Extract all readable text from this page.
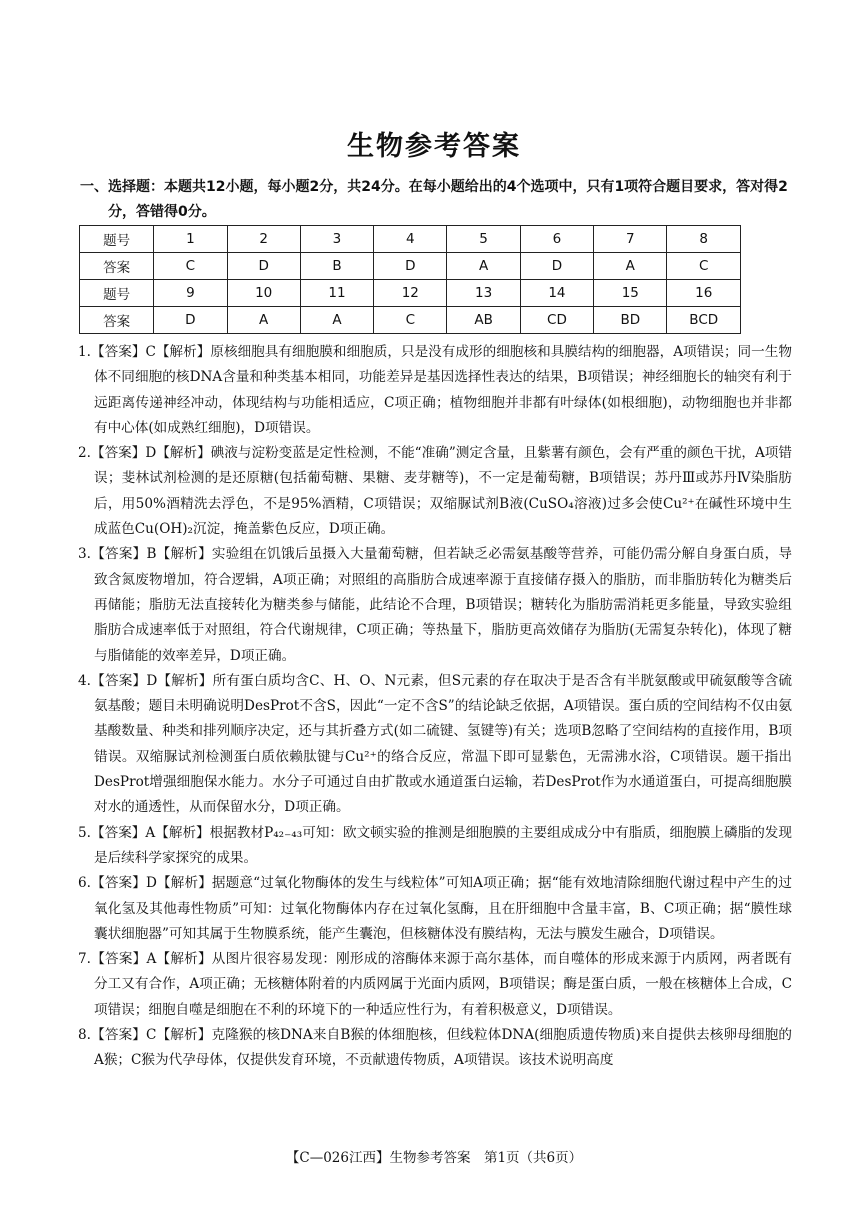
生物参考答案
一、选择题：本题共12小题，每小题2分，共24分。在每小题给出的4个选项中，只有1项符合题目要求，答对得2分，答错得0分。
题号	1	2	3	4	5	6	7	8
答案	C	D	B	D	A	D	A	C
题号	9	10	11	12	13	14	15	16
答案	D	A	A	C	AB	CD	BD	BCD

1.【答案】C【解析】原核细胞具有细胞膜和细胞质，只是没有成形的细胞核和具膜结构的细胞器，A项错误；同一生物体不同细胞的核DNA含量和种类基本相同，功能差异是基因选择性表达的结果，B项错误；神经细胞长的轴突有利于远距离传递神经冲动，体现结构与功能相适应，C项正确；植物细胞并非都有叶绿体(如根细胞)，动物细胞也并非都有中心体(如成熟红细胞)，D项错误。

2.【答案】D【解析】碘液与淀粉变蓝是定性检测，不能“准确”测定含量，且紫薯有颜色，会有严重的颜色干扰，A项错误；斐林试剂检测的是还原糖(包括葡萄糖、果糖、麦芽糖等)，不一定是葡萄糖，B项错误；苏丹Ⅲ或苏丹Ⅳ染脂肪后，用50%酒精洗去浮色，不是95%酒精，C项错误；双缩脲试剂B液(CuSO₄溶液)过多会使Cu²⁺在碱性环境中生成蓝色Cu(OH)₂沉淀，掩盖紫色反应，D项正确。

3.【答案】B【解析】实验组在饥饿后虽摄入大量葡萄糖，但若缺乏必需氨基酸等营养，可能仍需分解自身蛋白质，导致含氮废物增加，符合逻辑，A项正确；对照组的高脂肪合成速率源于直接储存摄入的脂肪，而非脂肪转化为糖类后再储能；脂肪无法直接转化为糖类参与储能，此结论不合理，B项错误；糖转化为脂肪需消耗更多能量，导致实验组脂肪合成速率低于对照组，符合代谢规律，C项正确；等热量下，脂肪更高效储存为脂肪(无需复杂转化)，体现了糖与脂储能的效率差异，D项正确。

4.【答案】D【解析】所有蛋白质均含C、H、O、N元素，但S元素的存在取决于是否含有半胱氨酸或甲硫氨酸等含硫氨基酸；题目未明确说明DesProt不含S，因此“一定不含S”的结论缺乏依据，A项错误。蛋白质的空间结构不仅由氨基酸数量、种类和排列顺序决定，还与其折叠方式(如二硫键、氢键等)有关；选项B忽略了空间结构的直接作用，B项错误。双缩脲试剂检测蛋白质依赖肽键与Cu²⁺的络合反应，常温下即可显紫色，无需沸水浴，C项错误。题干指出DesProt增强细胞保水能力。水分子可通过自由扩散或水通道蛋白运输，若DesProt作为水通道蛋白，可提高细胞膜对水的通透性，从而保留水分，D项正确。

5.【答案】A【解析】根据教材P₄₂₋₄₃可知：欧文顿实验的推测是细胞膜的主要组成成分中有脂质，细胞膜上磷脂的发现是后续科学家探究的成果。

6.【答案】D【解析】据题意“过氧化物酶体的发生与线粒体”可知A项正确；据“能有效地清除细胞代谢过程中产生的过氧化氢及其他毒性物质”可知：过氧化物酶体内存在过氧化氢酶，且在肝细胞中含量丰富，B、C项正确；据“膜性球囊状细胞器”可知其属于生物膜系统，能产生囊泡，但核糖体没有膜结构，无法与膜发生融合，D项错误。

7.【答案】A【解析】从图片很容易发现：刚形成的溶酶体来源于高尔基体，而自噬体的形成来源于内质网，两者既有分工又有合作，A项正确；无核糖体附着的内质网属于光面内质网，B项错误；酶是蛋白质，一般在核糖体上合成，C项错误；细胞自噬是细胞在不利的环境下的一种适应性行为，有着积极意义，D项错误。

8.【答案】C【解析】克隆猴的核DNA来自B猴的体细胞核，但线粒体DNA(细胞质遗传物质)来自提供去核卵母细胞的A猴；C猴为代孕母体，仅提供发育环境，不贡献遗传物质，A项错误。该技术说明高度

【C—026江西】生物参考答案　第1页（共6页）
